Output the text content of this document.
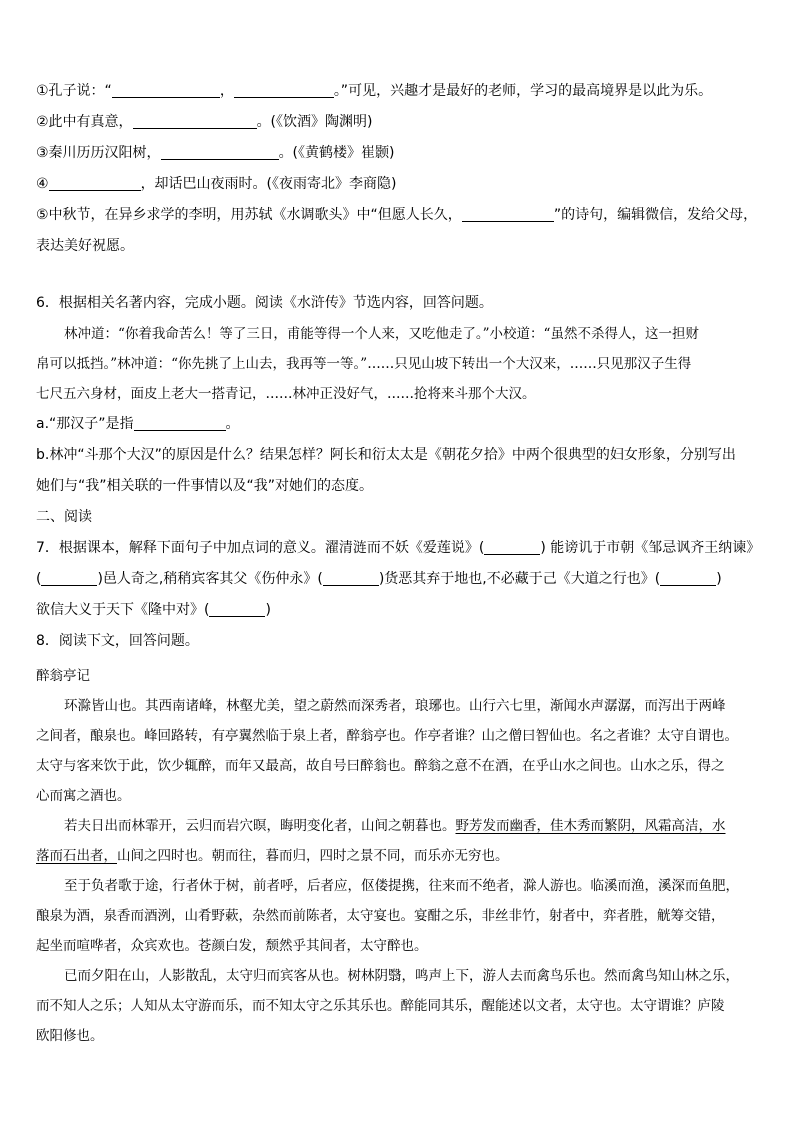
①孔子说：“	，	。”可见，兴趣才是最好的老师，学习的最高境界是以此为乐。
②此中有真意，	。(《饮酒》陶渊明)
③秦川历历汉阳树，	。(《黄鹤楼》崔颢)
④	，却话巴山夜雨时。(《夜雨寄北》李商隐)
⑤中秋节，在异乡求学的李明，用苏轼《水调歌头》中“但愿人长久，	”的诗句，编辑微信，发给父母，
表达美好祝愿。
6．根据相关名著内容，完成小题。阅读《水浒传》节选内容，回答问题。
林冲道：“你着我命苦么！等了三日，甫能等得一个人来，又吃他走了。”小校道：“虽然不杀得人，这一担财
帛可以抵挡。”林冲道：“你先挑了上山去，我再等一等。”……只见山坡下转出一个大汉来，……只见那汉子生得
七尺五六身材，面皮上老大一搭青记，……林冲正没好气，……抢将来斗那个大汉。
a.“那汉子”是指	。
b.林冲“斗那个大汉”的原因是什么？结果怎样？阿长和衍太太是《朝花夕拾》中两个很典型的妇女形象，分别写出
她们与“我”相关联的一件事情以及“我”对她们的态度。
二、阅读
7．根据课本，解释下面句子中加点词的意义。濯清涟而不妖《爱莲说》(	) 能谤讥于市朝《邹忌讽齐王纳谏》
(	)邑人奇之,稍稍宾客其父《伤仲永》(	)货恶其弃于地也,不必藏于己《大道之行也》(	)
欲信大义于天下《隆中对》(	)
8．阅读下文，回答问题。
醉翁亭记
环滁皆山也。其西南诸峰，林壑尤美，望之蔚然而深秀者，琅琊也。山行六七里，渐闻水声潺潺，而泻出于两峰
之间者，酿泉也。峰回路转，有亭翼然临于泉上者，醉翁亭也。作亭者谁？山之僧曰智仙也。名之者谁？太守自谓也。
太守与客来饮于此，饮少辄醉，而年又最高，故自号曰醉翁也。醉翁之意不在酒，在乎山水之间也。山水之乐，得之
心而寓之酒也。
若夫日出而林霏开，云归而岩穴暝，晦明变化者，山间之朝暮也。野芳发而幽香，佳木秀而繁阴，风霜高洁，水
落而石出者，山间之四时也。朝而往，暮而归，四时之景不同，而乐亦无穷也。
至于负者歌于途，行者休于树，前者呼，后者应，伛偻提携，往来而不绝者，滁人游也。临溪而渔，溪深而鱼肥，
酿泉为酒，泉香而酒洌，山肴野蔌，杂然而前陈者，太守宴也。宴酣之乐，非丝非竹，射者中，弈者胜，觥筹交错，
起坐而喧哗者，众宾欢也。苍颜白发，颓然乎其间者，太守醉也。
已而夕阳在山，人影散乱，太守归而宾客从也。树林阴翳，鸣声上下，游人去而禽鸟乐也。然而禽鸟知山林之乐，
而不知人之乐；人知从太守游而乐，而不知太守之乐其乐也。醉能同其乐，醒能述以文者，太守也。太守谓谁？庐陵
欧阳修也。
